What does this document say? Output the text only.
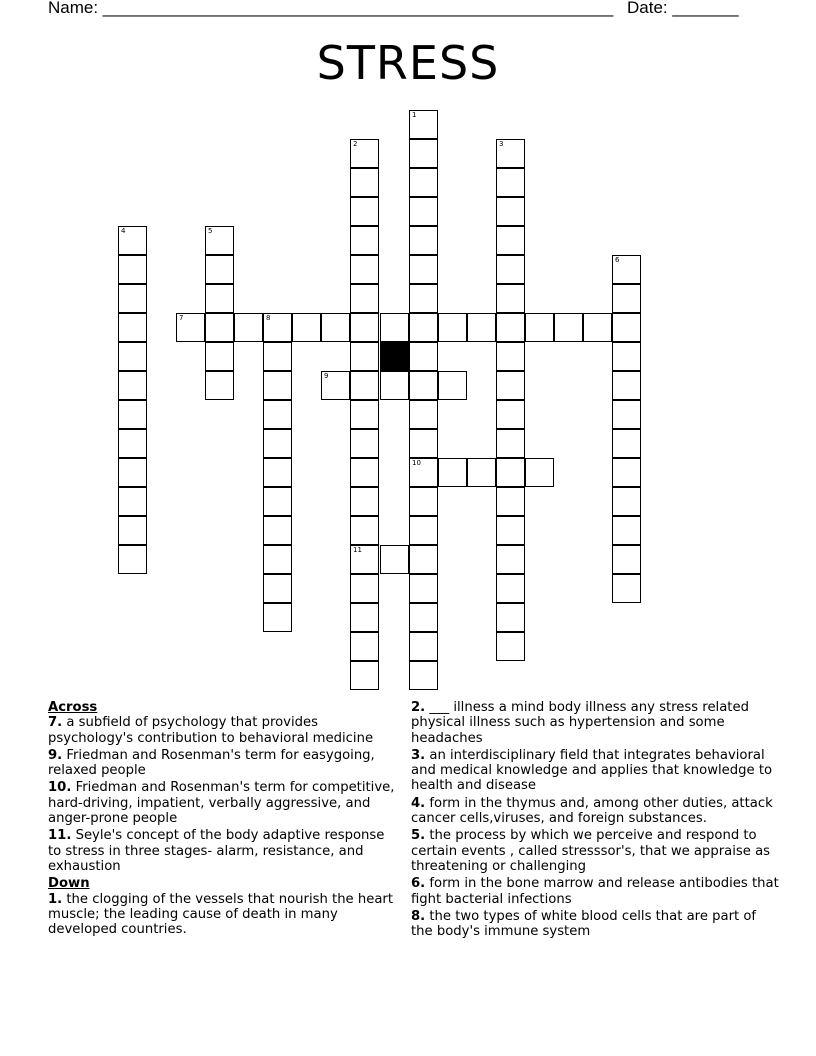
Name: ______________________________________________________ Date: _______
STRESS
1
10
2
11
3
4	5
6
7	8
9
Across
7. a subfield of psychology that provides psychology's contribution to behavioral medicine
9. Friedman and Rosenman's term for easygoing, relaxed people
10. Friedman and Rosenman's term for competitive, hard-driving, impatient, verbally aggressive, and anger-prone people
11. Seyle's concept of the body adaptive response to stress in three stages- alarm, resistance, and exhaustion
Down
1. the clogging of the vessels that nourish the heart muscle; the leading cause of death in many developed countries.
2. ___ illness a mind body illness any stress related physical illness such as hypertension and some headaches
3. an interdisciplinary field that integrates behavioral and medical knowledge and applies that knowledge to health and disease
4. form in the thymus and, among other duties, attack cancer cells,viruses, and foreign substances.
5. the process by which we perceive and respond to certain events , called stresssor's, that we appraise as threatening or challenging
6. form in the bone marrow and release antibodies that fight bacterial infections
8. the two types of white blood cells that are part of the body's immune system
